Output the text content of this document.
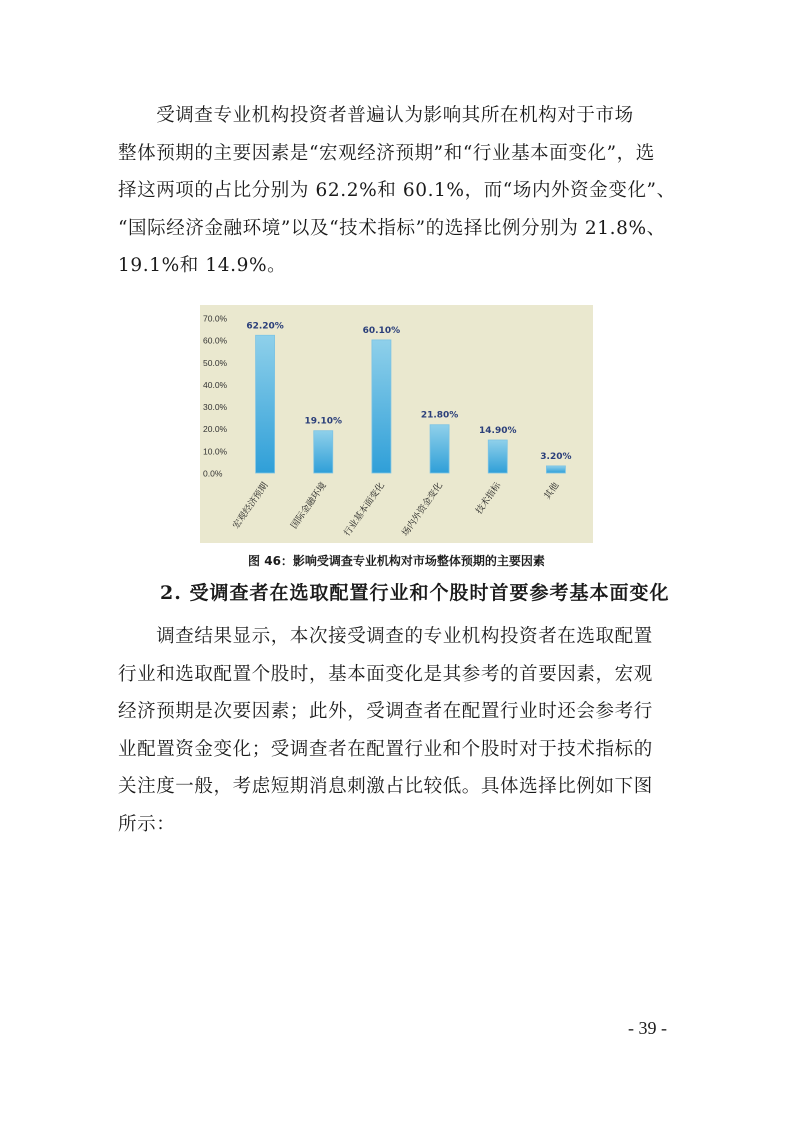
　　受调查专业机构投资者普遍认为影响其所在机构对于市场
整体预期的主要因素是“宏观经济预期”和“行业基本面变化”，选
择这两项的占比分别为 62.2%和 60.1%，而“场内外资金变化”、
“国际经济金融环境”以及“技术指标”的选择比例分别为 21.8%、
19.1%和 14.9%。
0.0%
10.0%
20.0%
30.0%
40.0%
50.0%
60.0%
70.0%
62.20%
宏观经济预期
19.10%
国际金融环境
60.10%
行业基本面变化
21.80%
场内外资金变化
14.90%
技术指标
3.20%
其他
图 46：影响受调查专业机构对市场整体预期的主要因素
2. 受调查者在选取配置行业和个股时首要参考基本面变化
　　调查结果显示，本次接受调查的专业机构投资者在选取配置
行业和选取配置个股时，基本面变化是其参考的首要因素，宏观
经济预期是次要因素；此外，受调查者在配置行业时还会参考行
业配置资金变化；受调查者在配置行业和个股时对于技术指标的
关注度一般，考虑短期消息刺激占比较低。具体选择比例如下图
所示：
- 39 -
